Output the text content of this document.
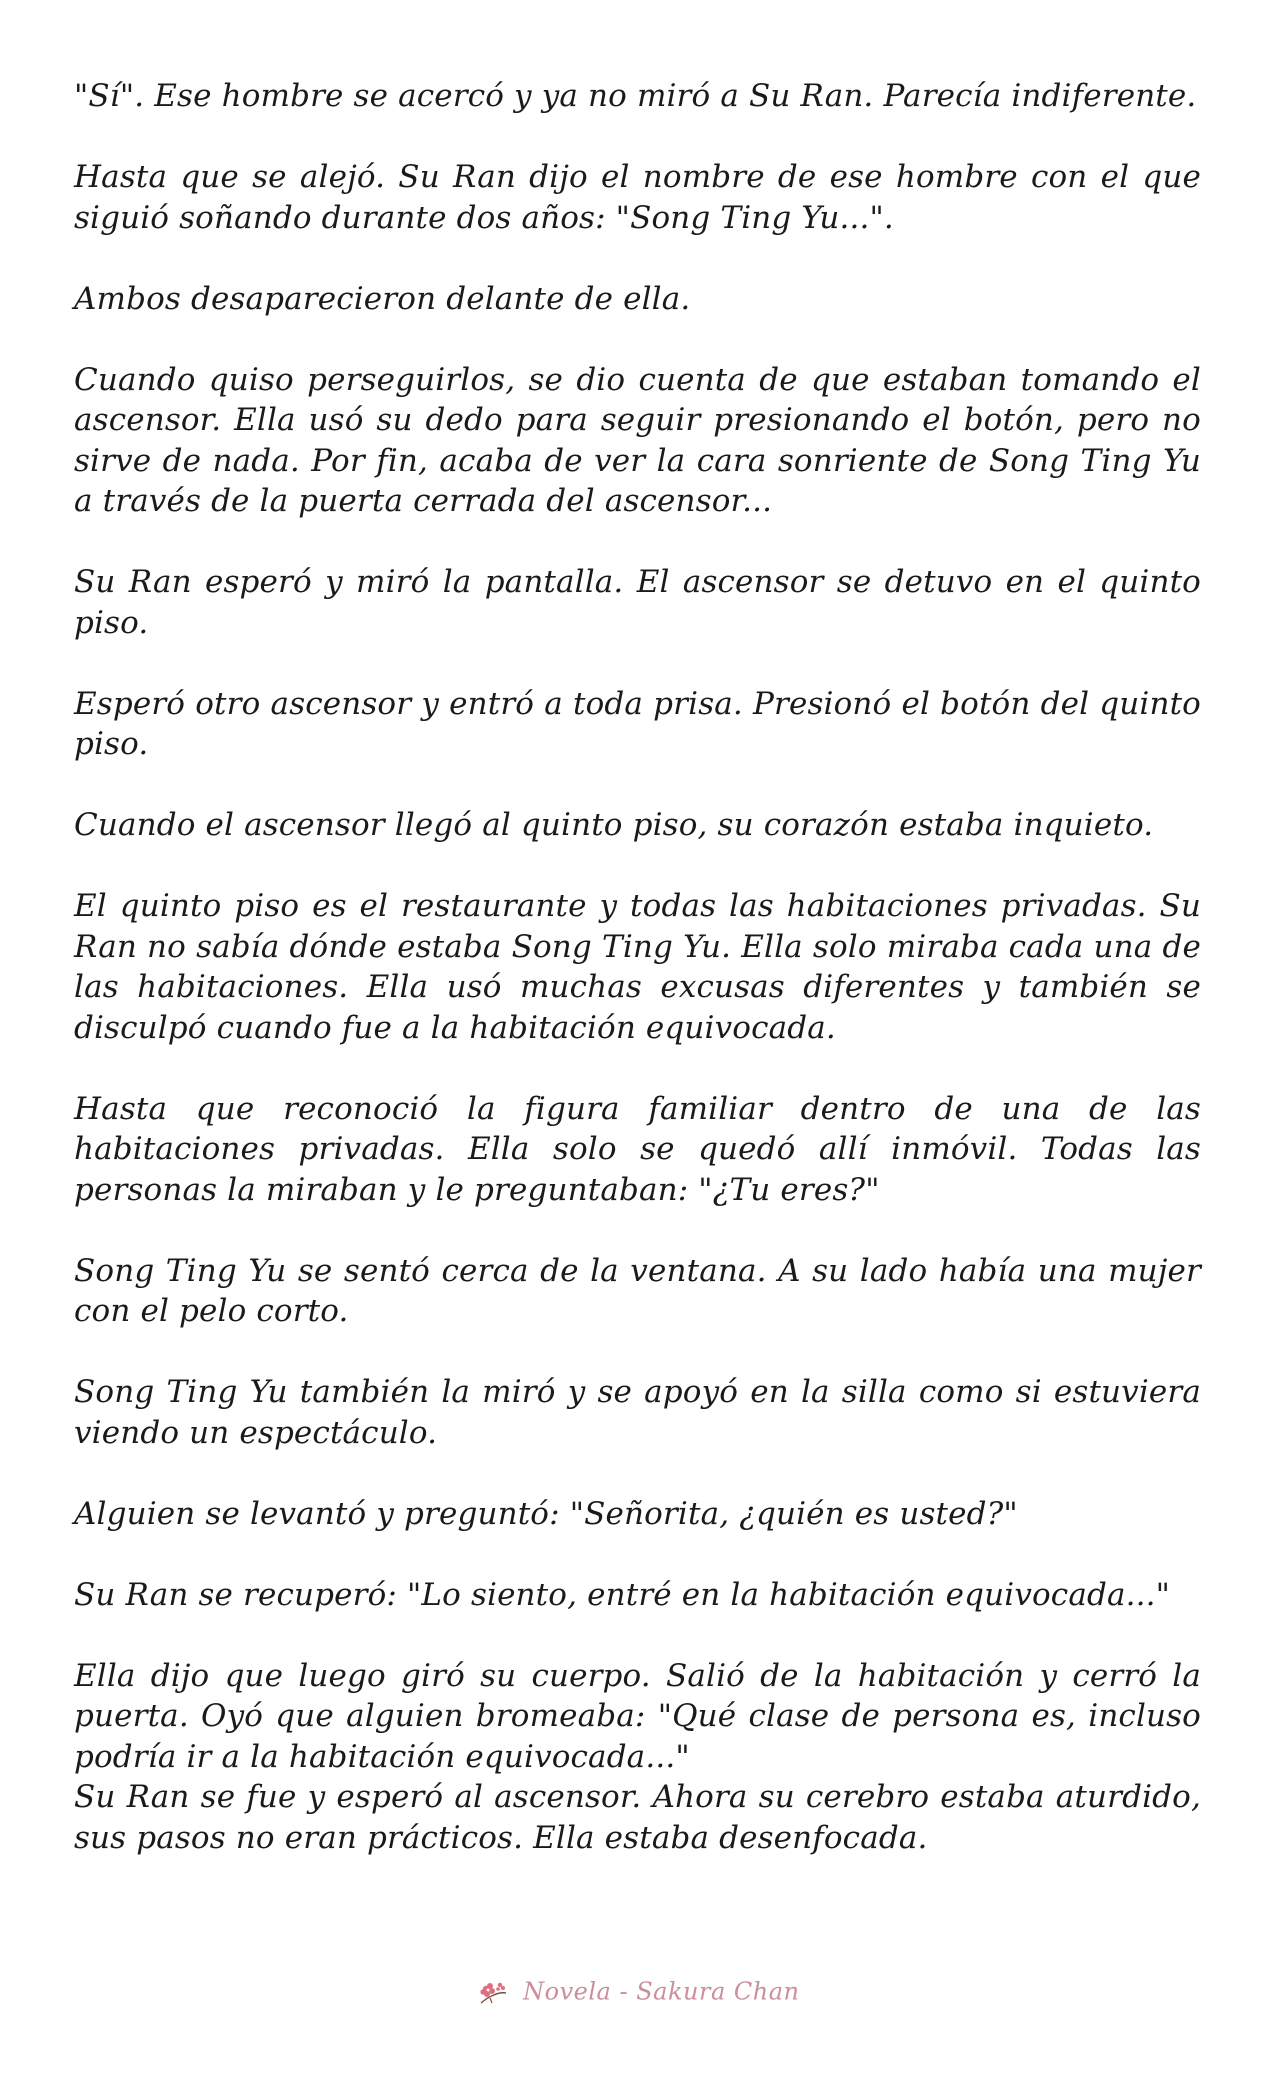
"Sí". Ese hombre se acercó y ya no miró a Su Ran. Parecía indiferente.

Hasta que se alejó. Su Ran dijo el nombre de ese hombre con el que siguió soñando durante dos años: "Song Ting Yu...".

Ambos desaparecieron delante de ella.

Cuando quiso perseguirlos, se dio cuenta de que estaban tomando el ascensor. Ella usó su dedo para seguir presionando el botón, pero no sirve de nada. Por fin, acaba de ver la cara sonriente de Song Ting Yu a través de la puerta cerrada del ascensor...

Su Ran esperó y miró la pantalla. El ascensor se detuvo en el quinto piso.

Esperó otro ascensor y entró a toda prisa. Presionó el botón del quinto piso.

Cuando el ascensor llegó al quinto piso, su corazón estaba inquieto.

El quinto piso es el restaurante y todas las habitaciones privadas. Su Ran no sabía dónde estaba Song Ting Yu. Ella solo miraba cada una de las habitaciones. Ella usó muchas excusas diferentes y también se disculpó cuando fue a la habitación equivocada.

Hasta que reconoció la figura familiar dentro de una de las habitaciones privadas. Ella solo se quedó allí inmóvil. Todas las personas la miraban y le preguntaban: "¿Tu eres?"

Song Ting Yu se sentó cerca de la ventana. A su lado había una mujer con el pelo corto.

Song Ting Yu también la miró y se apoyó en la silla como si estuviera viendo un espectáculo.

Alguien se levantó y preguntó: "Señorita, ¿quién es usted?"

Su Ran se recuperó: "Lo siento, entré en la habitación equivocada..."

Ella dijo que luego giró su cuerpo. Salió de la habitación y cerró la puerta. Oyó que alguien bromeaba: "Qué clase de persona es, incluso podría ir a la habitación equivocada..."

Su Ran se fue y esperó al ascensor. Ahora su cerebro estaba aturdido, sus pasos no eran prácticos. Ella estaba desenfocada.

Novela - Sakura Chan
